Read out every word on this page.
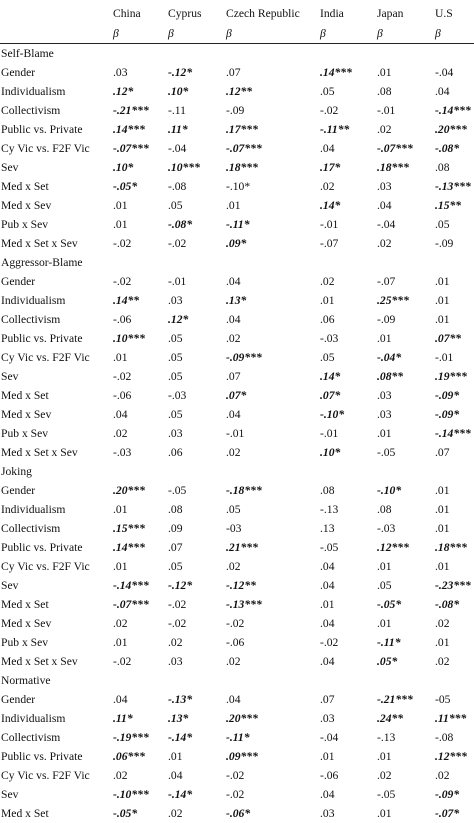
	China	Cyprus	Czech Republic	India	Japan	U.S
	β	β	β	β	β	β
Self-Blame						
Gender	.03	-.12*	.07	.14***	.01	-.04
Individualism	.12*	.10*	.12**	.05	.08	.04
Collectivism	-.21***	-.11	-.09	-.02	-.01	-.14***
Public vs. Private	.14***	.11*	.17***	-.11**	.02	.20***
Cy Vic vs. F2F Vic	-.07***	-.04	-.07***	.04	-.07***	-.08*
Sev	.10*	.10***	.18***	.17*	.18***	.08
Med x Set	-.05*	-.08	-.10*	.02	.03	-.13***
Med x Sev	.01	.05	.01	.14*	.04	.15**
Pub x Sev	.01	-.08*	-.11*	-.01	-.04	.05
Med x Set x Sev	-.02	-.02	.09*	-.07	.02	-.09
Aggressor-Blame						
Gender	-.02	-.01	.04	.02	-.07	.01
Individualism	.14**	.03	.13*	.01	.25***	.01
Collectivism	-.06	.12*	.04	.06	-.09	.01
Public vs. Private	.10***	.05	.02	-.03	.01	.07**
Cy Vic vs. F2F Vic	.01	.05	-.09***	.05	-.04*	-.01
Sev	-.02	.05	.07	.14*	.08**	.19***
Med x Set	-.06	-.03	.07*	.07*	.03	-.09*
Med x Sev	.04	.05	.04	-.10*	.03	-.09*
Pub x Sev	.02	.03	-.01	-.01	.01	-.14***
Med x Set x Sev	-.03	.06	.02	.10*	-.05	.07
Joking						
Gender	.20***	-.05	-.18***	.08	-.10*	.01
Individualism	.01	.08	.05	-.13	.08	.01
Collectivism	.15***	.09	-03	.13	-.03	.01
Public vs. Private	.14***	.07	.21***	-.05	.12***	.18***
Cy Vic vs. F2F Vic	.01	.05	.02	.04	.01	.01
Sev	-.14***	-.12*	-.12**	.04	.05	-.23***
Med x Set	-.07***	-.02	-.13***	.01	-.05*	-.08*
Med x Sev	.02	-.02	-.02	.04	.01	.02
Pub x Sev	.01	.02	-.06	-.02	-.11*	.01
Med x Set x Sev	-.02	.03	.02	.04	.05*	.02
Normative						
Gender	.04	-.13*	.04	.07	-.21***	-05
Individualism	.11*	.13*	.20***	.03	.24**	.11***
Collectivism	-.19***	-.14*	-.11*	-.04	-.13	-.08
Public vs. Private	.06***	.01	.09***	.01	.01	.12***
Cy Vic vs. F2F Vic	.02	.04	-.02	-.06	.02	.02
Sev	-.10***	-.14*	-.02	.04	-.05	-.09*
Med x Set	-.05*	.02	-.06*	.03	.01	-.07*
